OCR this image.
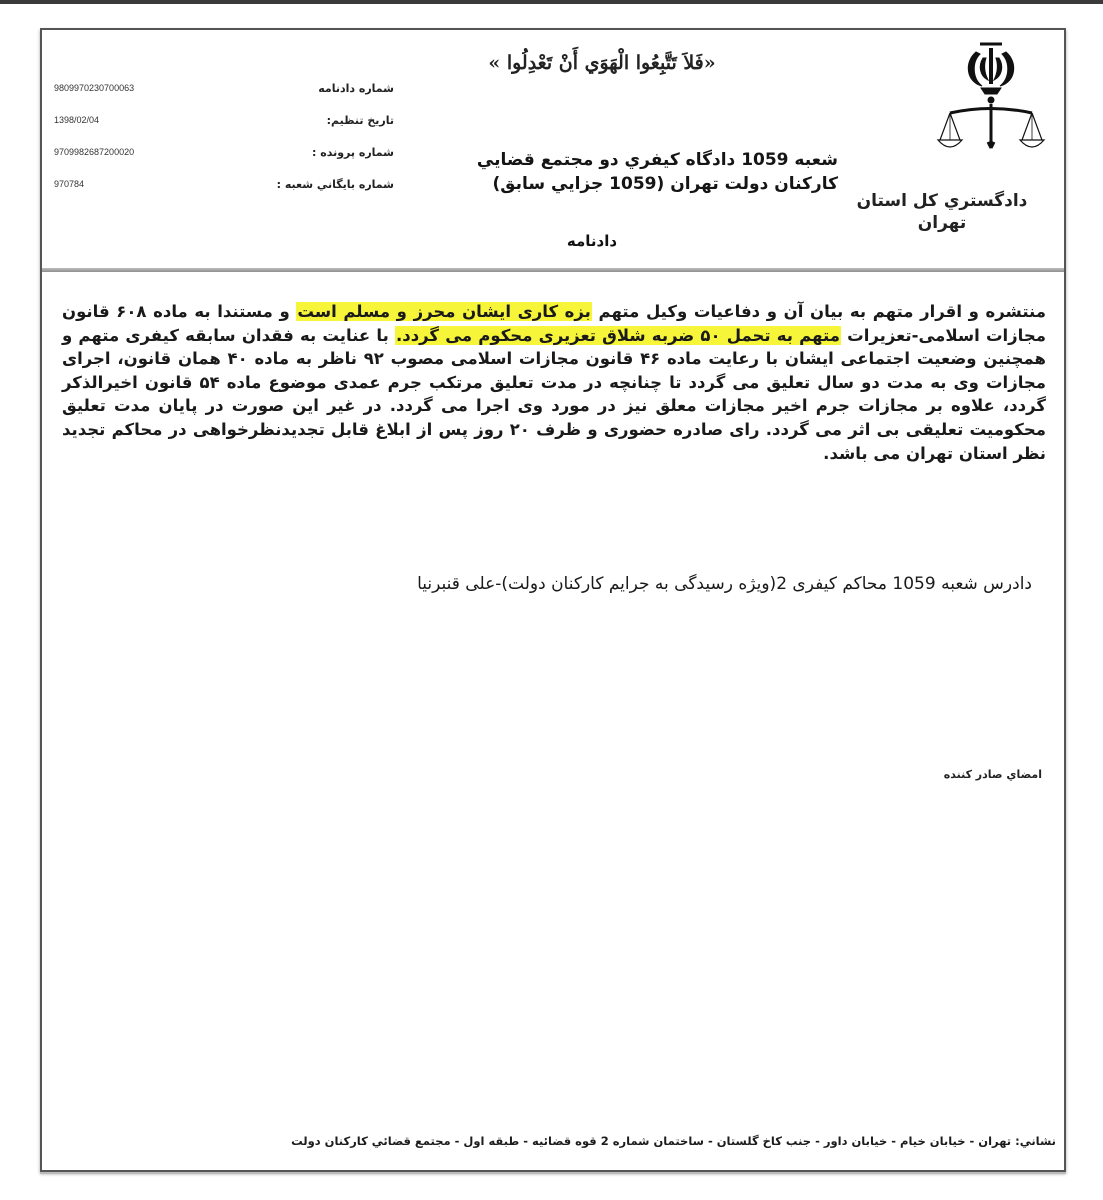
دادگستري كل استان
تهران
«فَلاَ تَتَّبِعُوا الْهَوَي أَنْ تَعْدِلُوا »
شعبه 1059 دادگاه كيفري دو مجتمع قضايي
كاركنان دولت تهران (1059 جزايي سابق)
دادنامه
شماره دادنامه
9809970230700063
تاريخ تنظيم:
1398/02/04
شماره پرونده :
9709982687200020
شماره بايگاني شعبه :
970784
منتشره و اقرار متهم به بیان آن و دفاعیات وکیل متهم بزه کاری ایشان محرز و مسلم است و مستندا به ماده ۶۰۸ قانون مجازات اسلامی-تعزیرات متهم به تحمل ۵۰ ضربه شلاق تعزیری محکوم می گردد. با عنایت به فقدان سابقه کیفری متهم و همچنین وضعیت اجتماعی ایشان با رعایت ماده ۴۶ قانون مجازات اسلامی مصوب ۹۲ ناظر به ماده ۴۰ همان قانون، اجرای مجازات وی به مدت دو سال تعلیق می گردد تا چنانچه در مدت تعلیق مرتکب جرم عمدی موضوع ماده ۵۴ قانون اخیرالذکر گردد، علاوه بر مجازات جرم اخیر مجازات معلق نیز در مورد وی اجرا می گردد. در غیر این صورت در پایان مدت تعلیق محکومیت تعلیقی بی اثر می گردد. رای صادره حضوری و ظرف ۲۰ روز پس از ابلاغ قابل تجدیدنظرخواهی در محاکم تجدید نظر استان تهران می باشد.
دادرس شعبه 1059 محاکم کیفری 2(ویژه رسیدگی به جرایم کارکنان دولت)-علی قنبرنیا
امضاي صادر كننده
نشاني: تهران - خيابان خيام - خيابان داور - جنب كاخ گلستان - ساختمان شماره 2 قوه قضائيه - طبقه اول - مجتمع قضائي كاركنان دولت
